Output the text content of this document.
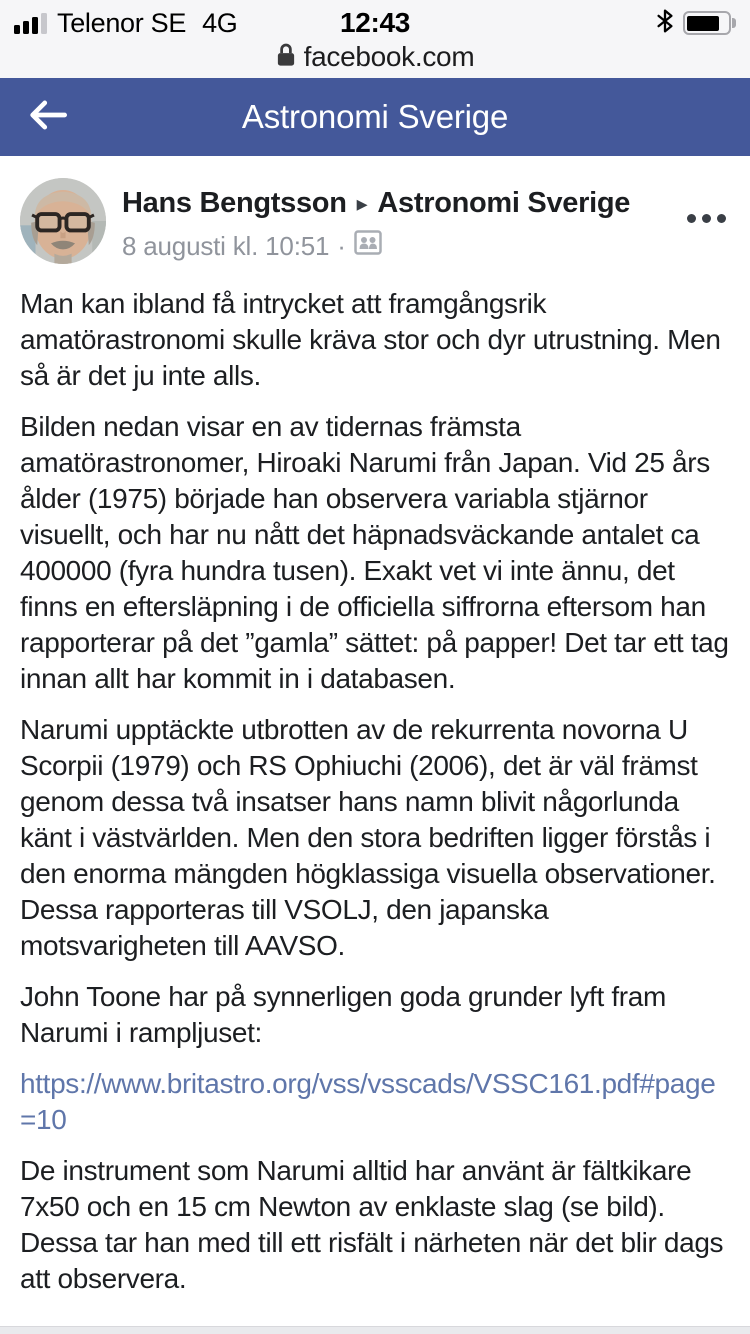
Telenor SE 4G	12:43
facebook.com
Astronomi Sverige
Hans Bengtsson ▸ Astronomi Sverige
8 augusti kl. 10:51 ·

Man kan ibland få intrycket att framgångsrik amatörastronomi skulle kräva stor och dyr utrustning. Men så är det ju inte alls.

Bilden nedan visar en av tidernas främsta amatörastronomer, Hiroaki Narumi från Japan. Vid 25 års ålder (1975) började han observera variabla stjärnor visuellt, och har nu nått det häpnadsväckande antalet ca 400000 (fyra hundra tusen). Exakt vet vi inte ännu, det finns en eftersläpning i de officiella siffrorna eftersom han rapporterar på det ”gamla” sättet: på papper! Det tar ett tag innan allt har kommit in i databasen.

Narumi upptäckte utbrotten av de rekurrenta novorna U Scorpii (1979) och RS Ophiuchi (2006), det är väl främst genom dessa två insatser hans namn blivit någorlunda känt i västvärlden. Men den stora bedriften ligger förstås i den enorma mängden högklassiga visuella observationer. Dessa rapporteras till VSOLJ, den japanska motsvarigheten till AAVSO.

John Toone har på synnerligen goda grunder lyft fram Narumi i rampljuset:

https://www.britastro.org/vss/vsscads/VSSC161.pdf#page=10

De instrument som Narumi alltid har använt är fältkikare 7x50 och en 15 cm Newton av enklaste slag (se bild). Dessa tar han med till ett risfält i närheten när det blir dags att observera.
